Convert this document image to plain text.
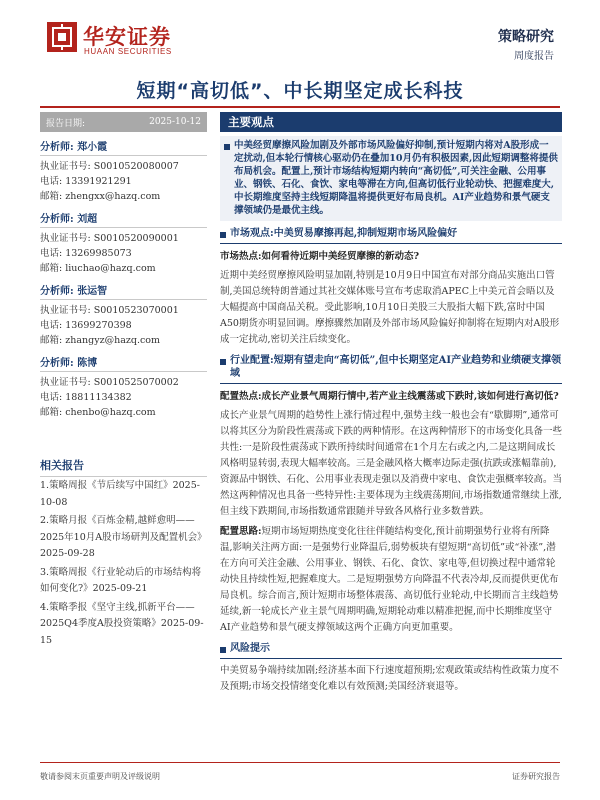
华安证券
HUAAN SECURITIES
策略研究
周度报告
短期“高切低”、中长期坚定成长科技
报告日期:	2025-10-12
分析师: 郑小霞
执业证书号: S0010520080007
电话: 13391921291
邮箱: zhengxx@hazq.com
分析师: 刘超
执业证书号: S0010520090001
电话: 13269985073
邮箱: liuchao@hazq.com
分析师: 张运智
执业证书号: S0010523070001
电话: 13699270398
邮箱: zhangyz@hazq.com
分析师: 陈博
执业证书号: S0010525070002
电话: 18811134382
邮箱: chenbo@hazq.com
相关报告
1.策略周报《节后续写中国红》2025-10-08
2.策略月报《百炼金精,越鲜愈明——2025年10月A股市场研判及配置机会》2025-09-28
3.策略周报《行业轮动后的市场结构将如何变化?》2025-09-21
4.策略季报《坚守主线,抓新平台——2025Q4季度A股投资策略》2025-09-15
主要观点
中美经贸摩擦风险加剧及外部市场风险偏好抑制,预计短期内将对A股形成一定扰动,但本轮行情核心驱动仍在叠加10月仍有积极因素,因此短期调整将提供布局机会。配置上,预计市场结构短期内转向“高切低”,可关注金融、公用事业、钢铁、石化、食饮、家电等滞在方向,但高切低行业轮动快、把握难度大,中长期维度坚持主线短期降温将提供更好布局良机。AI产业趋势和景气硬支撑领域仍是最优主线。
市场观点:中美贸易摩擦再起,抑制短期市场风险偏好
市场热点:如何看待近期中美经贸摩擦的新动态?
近期中美经贸摩擦风险明显加剧,特别是10月9日中国宣布对部分商品实施出口管制,美国总统特朗普通过其社交媒体账号宣布考虑取消APEC上中美元首会晤以及大幅提高中国商品关税。受此影响,10月10日美股三大股指大幅下跌,富时中国A50期货亦明显回调。摩擦骤然加剧及外部市场风险偏好抑制将在短期内对A股形成一定扰动,密切关注后续变化。
行业配置:短期有望走向“高切低”,但中长期坚定AI产业趋势和业绩硬支撑领域
配置热点:成长产业景气周期行情中,若产业主线震荡或下跌时,该如何进行高切低?
成长产业景气周期的趋势性上涨行情过程中,强势主线一般也会有“歇脚期”,通常可以将其区分为阶段性震荡或下跌的两种情形。在这两种情形下的市场变化具备一些共性:一是阶段性震荡或下跌所持续时间通常在1个月左右或之内,二是这期间成长风格明显转弱,表现大幅率较高。三是金融风格大概率边际走强(抗跌或涨幅靠前),资源品中钢铁、石化、公用事业表现走强以及消费中家电、食饮走强概率较高。当然这两种情况也具备一些特异性:主要体现为主线震荡期间,市场指数通常继续上涨,但主线下跌期间,市场指数通常跟随并导致各风格行业多数普跌。
配置思路:短期市场短期热度变化往往伴随结构变化,预计前期强势行业将有所降温,影响关注两方面:一是强势行业降温后,弱势板块有望短期“高切低”或“补涨”,潜在方向可关注金融、公用事业、钢铁、石化、食饮、家电等,但切换过程中通常轮动快且持续性短,把握难度大。二是短期强势方向降温不代表冷却,反而提供更优布局良机。综合而言,预计短期市场整体震荡、高切低行业轮动,中长期而言主线趋势延续,新一轮成长产业主景气周期明确,短期轮动难以精准把握,而中长期维度坚守AI产业趋势和景气硬支撑领域这两个正确方向更加重要。
风险提示
中美贸易争端持续加剧;经济基本面下行速度超预期;宏观政策或结构性政策力度不及预期;市场交投情绪变化难以有效预测;美国经济衰退等。
敬请参阅末页重要声明及评级说明	证券研究报告
